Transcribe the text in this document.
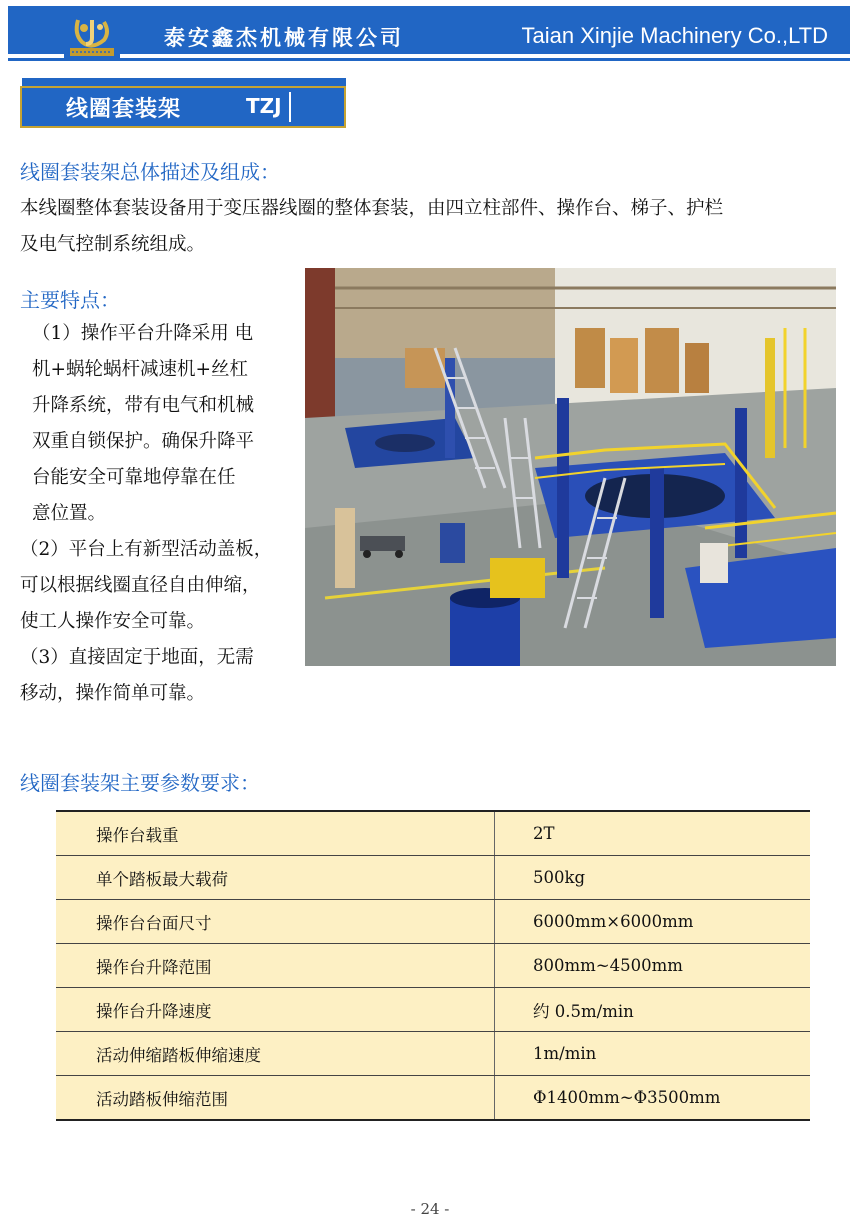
泰安鑫杰机械有限公司	Taian Xinjie Machinery Co.,LTD
线圈套装架	TZJ
线圈套装架总体描述及组成：
本线圈整体套装设备用于变压器线圈的整体套装，由四立柱部件、操作台、梯子、护栏
及电气控制系统组成。
主要特点：
（1）操作平台升降采用 电
机+蜗轮蜗杆减速机+丝杠
升降系统，带有电气和机械
双重自锁保护。确保升降平
台能安全可靠地停靠在任
意位置。
（2）平台上有新型活动盖板，
可以根据线圈直径自由伸缩，
使工人操作安全可靠。
（3）直接固定于地面，无需
移动，操作简单可靠。
线圈套装架主要参数要求：
操作台载重	2T
单个踏板最大载荷	500kg
操作台台面尺寸	6000mm×6000mm
操作台升降范围	800mm~4500mm
操作台升降速度	约 0.5m/min
活动伸缩踏板伸缩速度	1m/min
活动踏板伸缩范围	Φ1400mm~Φ3500mm
- 24 -
